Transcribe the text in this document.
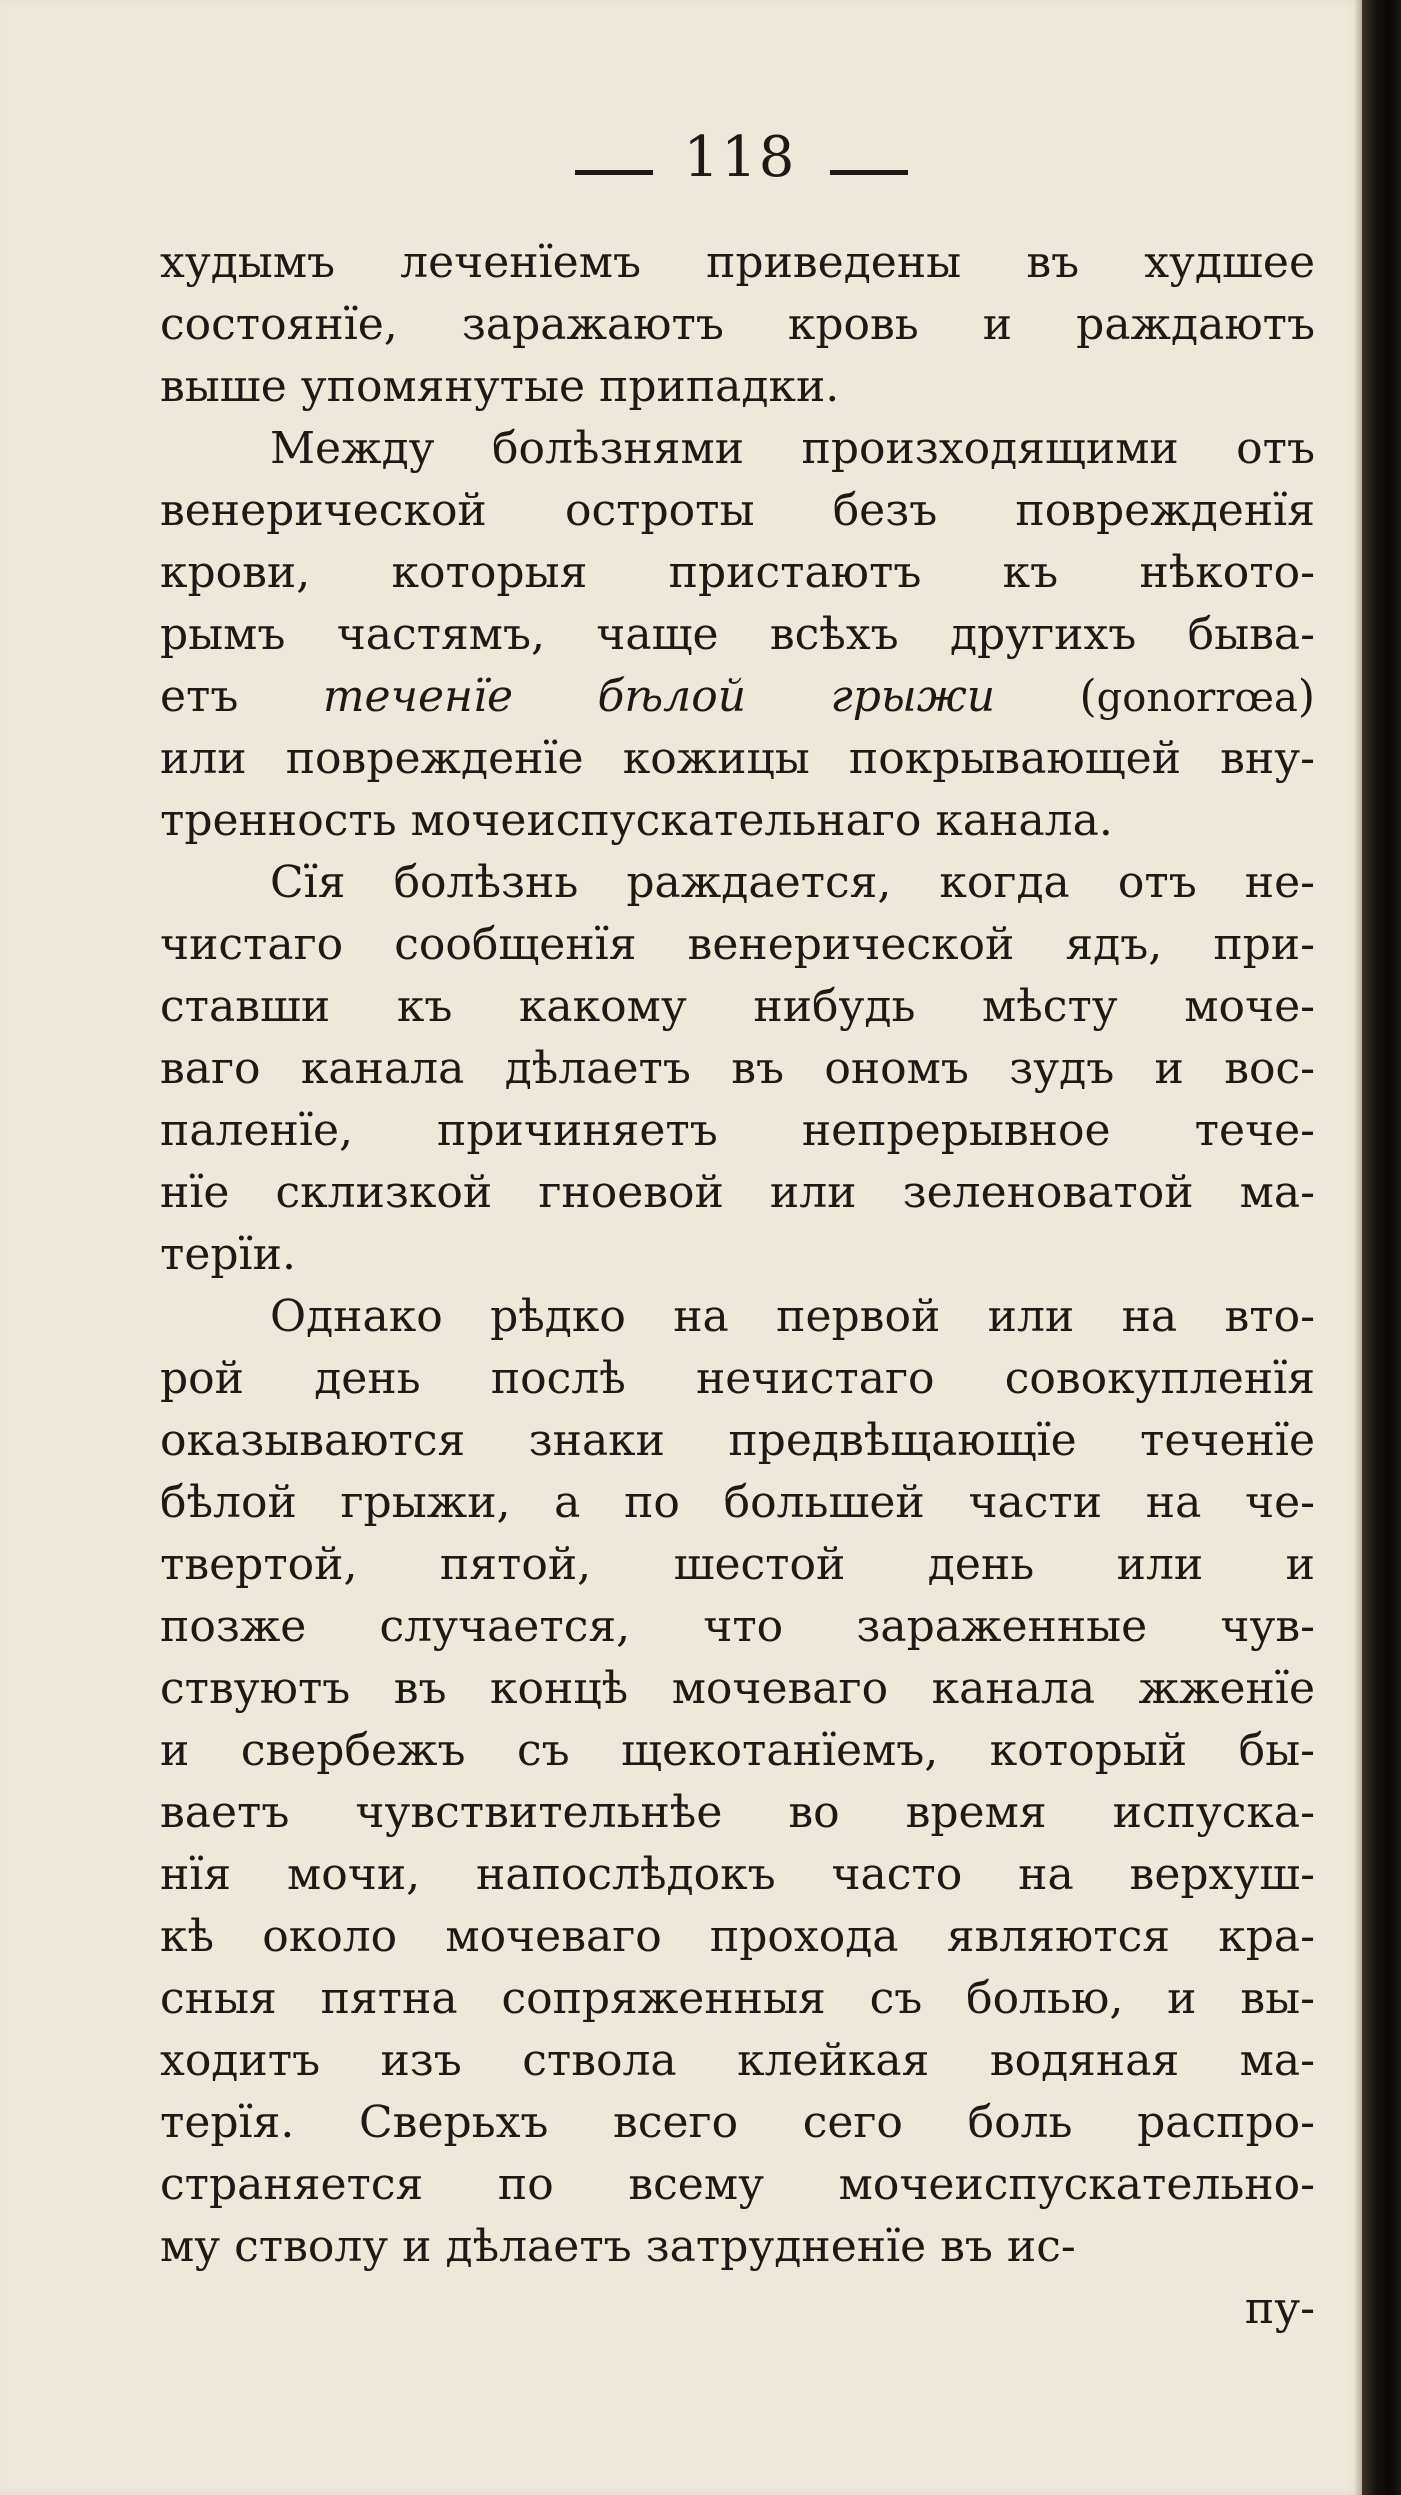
118
худымъ леченїемъ приведены въ худшее
состоянїе, заражаютъ кровь и раждаютъ
выше упомянутые припадки.
Между болѣзнями произходящими отъ
венерической остроты безъ поврежденїя
крови, которыя пристаютъ къ нѣкото-
рымъ частямъ, чаще всѣхъ другихъ быва-
етъ теченїе бѣлой грыжи (gonorrœa)
или поврежденїе кожицы покрывающей вну-
тренность мочеиспускательнаго канала.
Сїя болѣзнь раждается, когда отъ не-
чистаго сообщенїя венерической ядъ, при-
ставши къ какому нибудь мѣсту моче-
ваго канала дѣлаетъ въ ономъ зудъ и вос-
паленїе, причиняетъ непрерывное тече-
нїе склизкой гноевой или зеленоватой ма-
терїи.
Однако рѣдко на первой или на вто-
рой день послѣ нечистаго совокупленїя
оказываются знаки предвѣщающїе теченїе
бѣлой грыжи, а по большей части на че-
твертой, пятой, шестой день или и
позже случается, что зараженные чув-
ствуютъ въ концѣ мочеваго канала жженїе
и свербежъ съ щекотанїемъ, который бы-
ваетъ чувствительнѣе во время испуска-
нїя мочи, напослѣдокъ часто на верхуш-
кѣ около мочеваго прохода являются кра-
сныя пятна сопряженныя съ болью, и вы-
ходитъ изъ ствола клейкая водяная ма-
терїя. Сверьхъ всего сего боль распро-
страняется по всему мочеиспускательно-
му стволу и дѣлаетъ затрудненїе въ ис-
пу-
